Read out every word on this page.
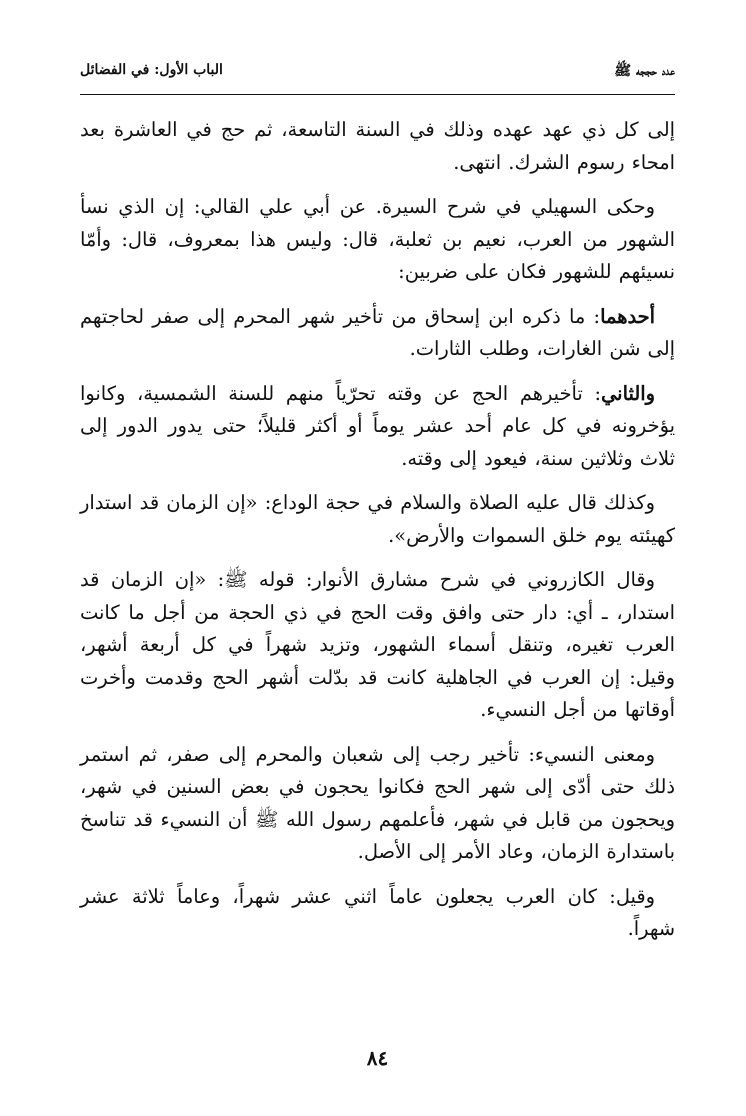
عدد حججه ﷺ
الباب الأول: في الفضائل

إلى كل ذي عهد عهده وذلك في السنة التاسعة، ثم حج في العاشرة بعد امحاء رسوم الشرك. انتهى.

وحكى السهيلي في شرح السيرة. عن أبي علي القالي: إن الذي نسأ الشهور من العرب، نعيم بن ثعلبة، قال: وليس هذا بمعروف، قال: وأمّا نسيئهم للشهور فكان على ضربين:

أحدهما: ما ذكره ابن إسحاق من تأخير شهر المحرم إلى صفر لحاجتهم إلى شن الغارات، وطلب الثارات.

والثاني: تأخيرهم الحج عن وقته تحرّياً منهم للسنة الشمسية، وكانوا يؤخرونه في كل عام أحد عشر يوماً أو أكثر قليلاً؛ حتى يدور الدور إلى ثلاث وثلاثين سنة، فيعود إلى وقته.

وكذلك قال عليه الصلاة والسلام في حجة الوداع: «إن الزمان قد استدار كهيئته يوم خلق السموات والأرض».

وقال الكازروني في شرح مشارق الأنوار: قوله ﷺ: «إن الزمان قد استدار، ـ أي: دار حتى وافق وقت الحج في ذي الحجة من أجل ما كانت العرب تغيره، وتنقل أسماء الشهور، وتزيد شهراً في كل أربعة أشهر، وقيل: إن العرب في الجاهلية كانت قد بدّلت أشهر الحج وقدمت وأخرت أوقاتها من أجل النسيء.

ومعنى النسيء: تأخير رجب إلى شعبان والمحرم إلى صفر، ثم استمر ذلك حتى أدّى إلى شهر الحج فكانوا يحجون في بعض السنين في شهر، ويحجون من قابل في شهر، فأعلمهم رسول الله ﷺ أن النسيء قد تناسخ باستدارة الزمان، وعاد الأمر إلى الأصل.

وقيل: كان العرب يجعلون عاماً اثني عشر شهراً، وعاماً ثلاثة عشر شهراً.

٨٤
